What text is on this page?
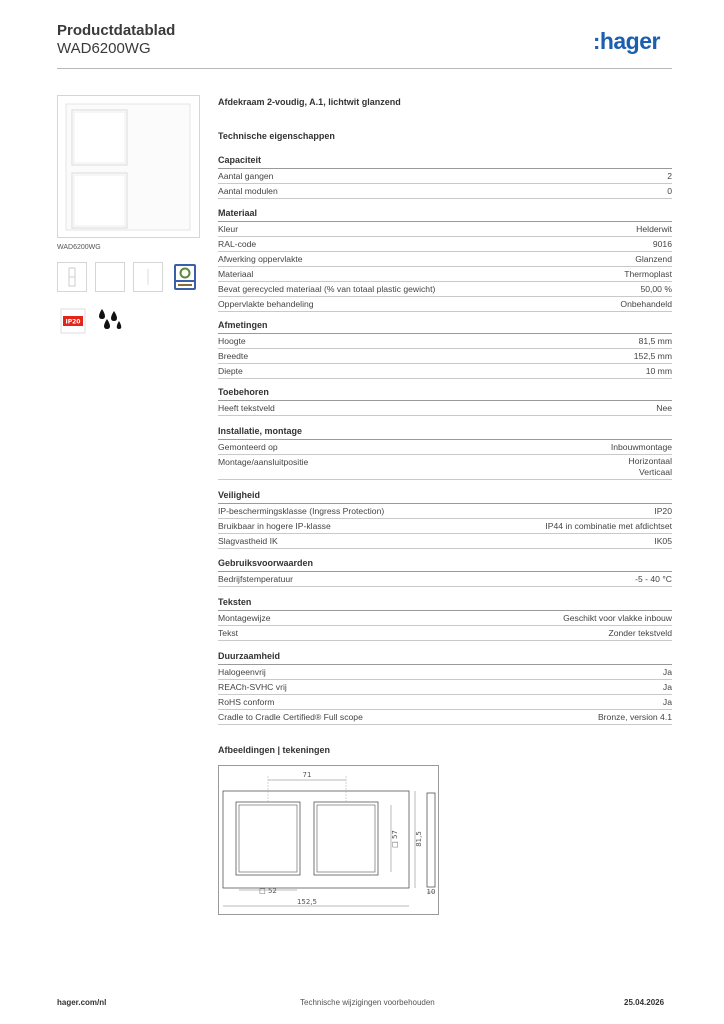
Productdatablad
WAD6200WG	:hager
WAD6200WG
IP20
Afdekraam 2-voudig, A.1, lichtwit glanzend
Technische eigenschappen
Capaciteit
Aantal gangen	2
Aantal modulen	0
Materiaal
Kleur	Helderwit
RAL-code	9016
Afwerking oppervlakte	Glanzend
Materiaal	Thermoplast
Bevat gerecycled materiaal (% van totaal plastic gewicht)	50,00 %
Oppervlakte behandeling	Onbehandeld
Afmetingen
Hoogte	81,5 mm
Breedte	152,5 mm
Diepte	10 mm
Toebehoren
Heeft tekstveld	Nee
Installatie, montage
Gemonteerd op	Inbouwmontage
Montage/aansluitpositie	Horizontaal
Verticaal
Veiligheid
IP-beschermingsklasse (Ingress Protection)	IP20
Bruikbaar in hogere IP-klasse	IP44 in combinatie met afdichtset
Slagvastheid IK	IK05
Gebruiksvoorwaarden
Bedrijfstemperatuur	-5 - 40 °C
Teksten
Montagewijze	Geschikt voor vlakke inbouw
Tekst	Zonder tekstveld
Duurzaamheid
Halogeenvrij	Ja
REACh-SVHC vrij	Ja
RoHS conform	Ja
Cradle to Cradle Certified® Full scope	Bronze, version 4.1
Afbeeldingen | tekeningen
71
□ 57 81,5
10
□ 52
152,5
hager.com/nl	Technische wijzigingen voorbehouden	25.04.2026
